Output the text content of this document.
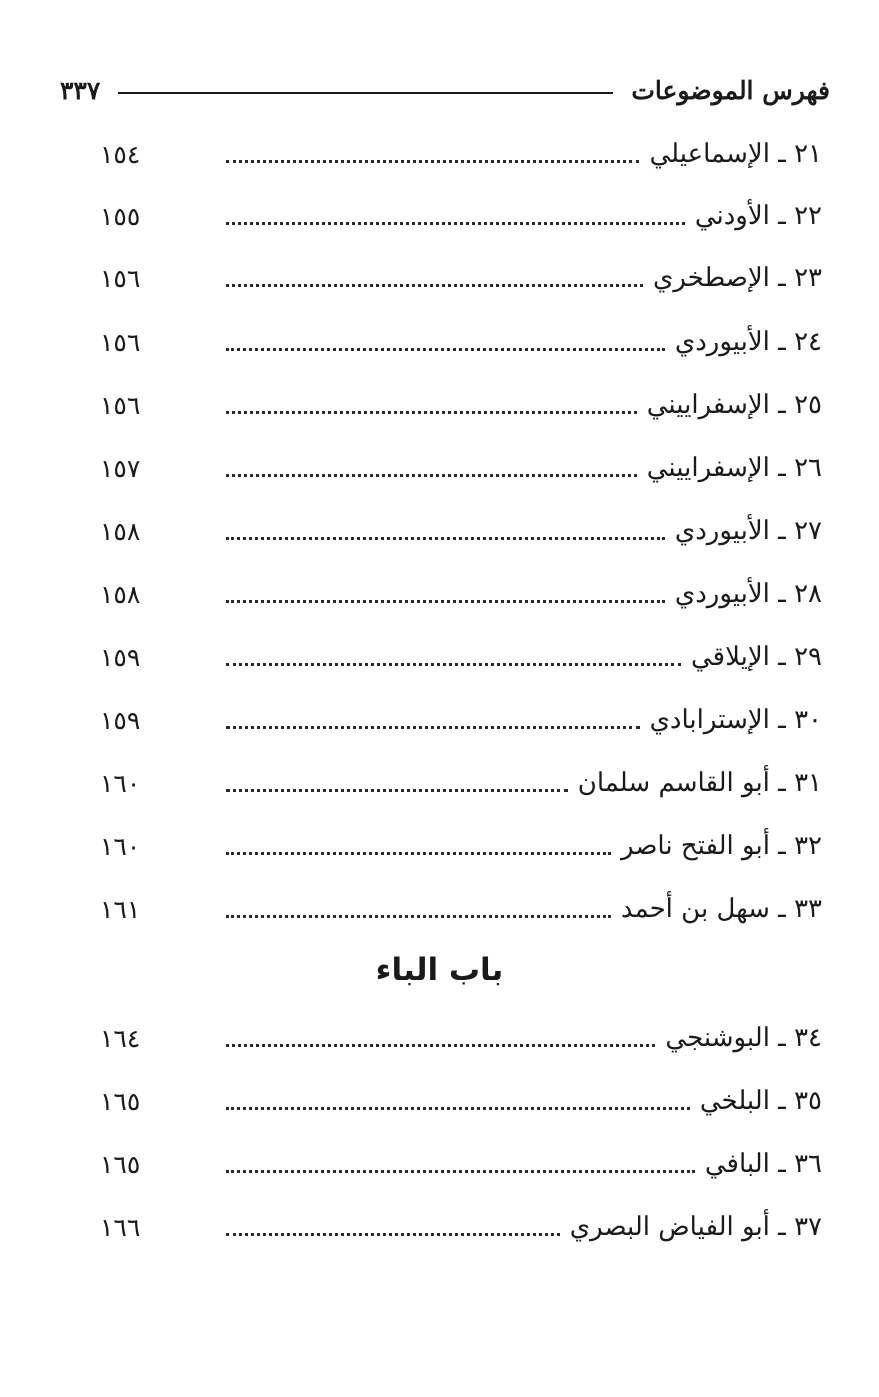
فهرس الموضوعات
٣٣٧
٢١ ـ الإسماعيلي
١٥٤
٢٢ ـ الأودني
١٥٥
٢٣ ـ الإصطخري
١٥٦
٢٤ ـ الأبيوردي
١٥٦
٢٥ ـ الإسفراييني
١٥٦
٢٦ ـ الإسفراييني
١٥٧
٢٧ ـ الأبيوردي
١٥٨
٢٨ ـ الأبيوردي
١٥٨
٢٩ ـ الإيلاقي
١٥٩
٣٠ ـ الإسترابادي
١٥٩
٣١ ـ أبو القاسم سلمان
١٦٠
٣٢ ـ أبو الفتح ناصر
١٦٠
٣٣ ـ سهل بن أحمد
١٦١
باب الباء
٣٤ ـ البوشنجي
١٦٤
٣٥ ـ البلخي
١٦٥
٣٦ ـ البافي
١٦٥
٣٧ ـ أبو الفياض البصري
١٦٦
